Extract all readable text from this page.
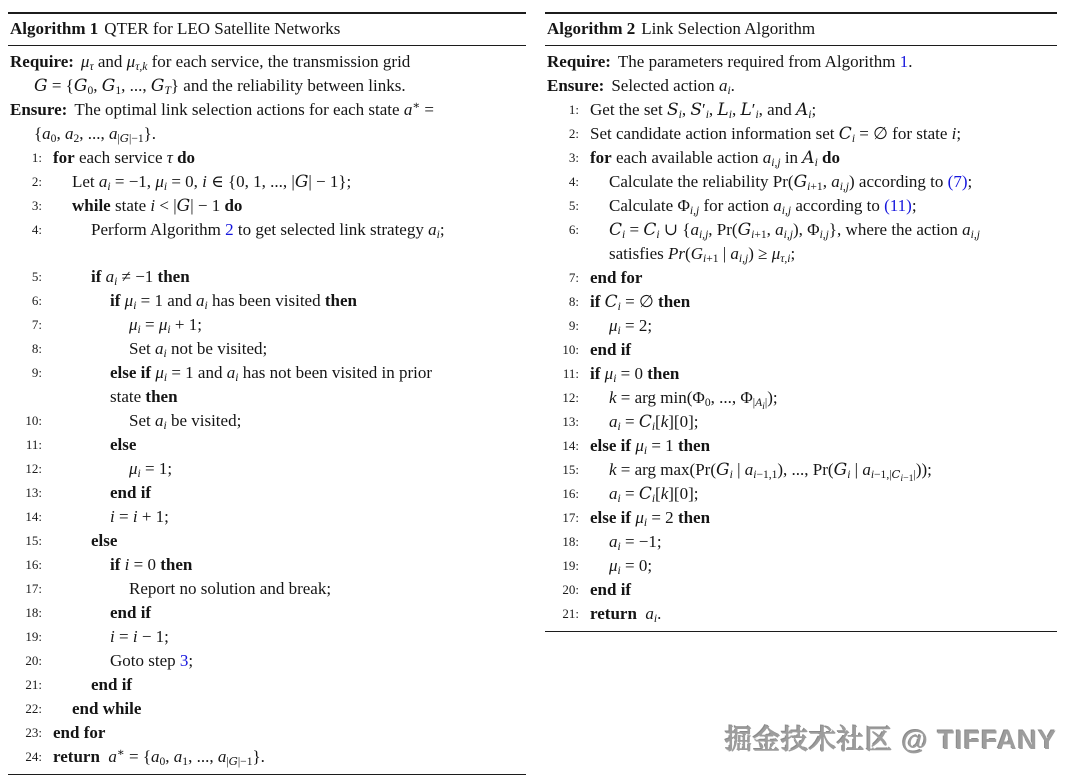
Algorithm 1 QTER for LEO Satellite Networks
Require: $\mu_\tau$ and $\mu_{\tau,k}$ for each service, the transmission grid
$G = \{G_0$, $G_1$, ..., $G_T$} and the reliability between links.
Ensure: The optimal link selection actions for each state a∗ =
{$a_0$, $a_2$, ..., $a_{|G|-1}$}.
1: for each service τ do
2:	Let $a_i = -1$, $\mu_i = 0$, i ∈ {0, 1, ..., |G| − 1};
3:	while state i < |G| − 1 do
4:	Perform Algorithm 2 to get selected link strategy $a_i$;
5:	if $a_i \ne -1$ then
6:	if $\mu_i = 1$ and $a_i$ has been visited then
7:	$\mu_i = \mu_i + 1$;
8:	Set $a_i$ not be visited;
9:	else if $\mu_i = 1$ and $a_i$ has not been visited in prior
state then
10:	Set $a_i$ be visited;
11:	else
12:	$\mu_i = 1$;
13:	end if
14:	i = i + 1;
15:	else
16:	if i = 0 then
17:	Report no solution and break;
18:	end if
19:	i = i − 1;
20:	Goto step 3;
21:	end if
22:	end while
23: end for
24: return $a^∗ = \{a_0$, $a_1$, ..., $a_{|G|-1}$}.
Algorithm 2 Link Selection Algorithm
Require: The parameters required from Algorithm 1.
Ensure: Selected action $a_i$.
1: Get the set $S_i$, $S'_i$, $L_i$, $L'_i$, and $A_i$;
2: Set candidate action information set $C_i$ = ∅ for state i;
3: for each available action $a_{i,j}$ in $A_i$ do
4:	Calculate the reliability $Pr(G_{i+1}$, $a_{i,j}$) according to (7);
5:	Calculate $\Phi_{i,j}$ for action $a_{i,j}$ according to (11);
6:	$C_i = C_i$ ∪ {$a_{i,j}$, $Pr(G_{i+1}$, $a_{i,j}$), $\Phi_{i,j}$}, where the action $a_{i,j}$
satisfies $Pr(G_{i+1}$ | $a_{i,j}) \ge \mu_{\tau,i}$;
7: end for
8: if $C_i$ = ∅ then
9:	$\mu_i = 2$;
10: end if
11: if $\mu_i = 0$ then
12:	k = arg $\min(\Phi_0$, ..., $\Phi_{|A_i|}$);
13:	$a_i = C_i[k][0]$;
14: else if $\mu_i = 1$ then
15:	k = arg $\max(Pr(G_i$ | $a_{i-1,1}$), ..., $Pr(G_i$ | $a_{i-1,|C_{i-1}|}$));
16:	$a_i = C_i[k][0]$;
17: else if $\mu_i = 2$ then
18:	$a_i = -1$;
19:	$\mu_i = 0$;
20: end if
21: return $a_i$.
掘金技术社区 @ TIFFANY
